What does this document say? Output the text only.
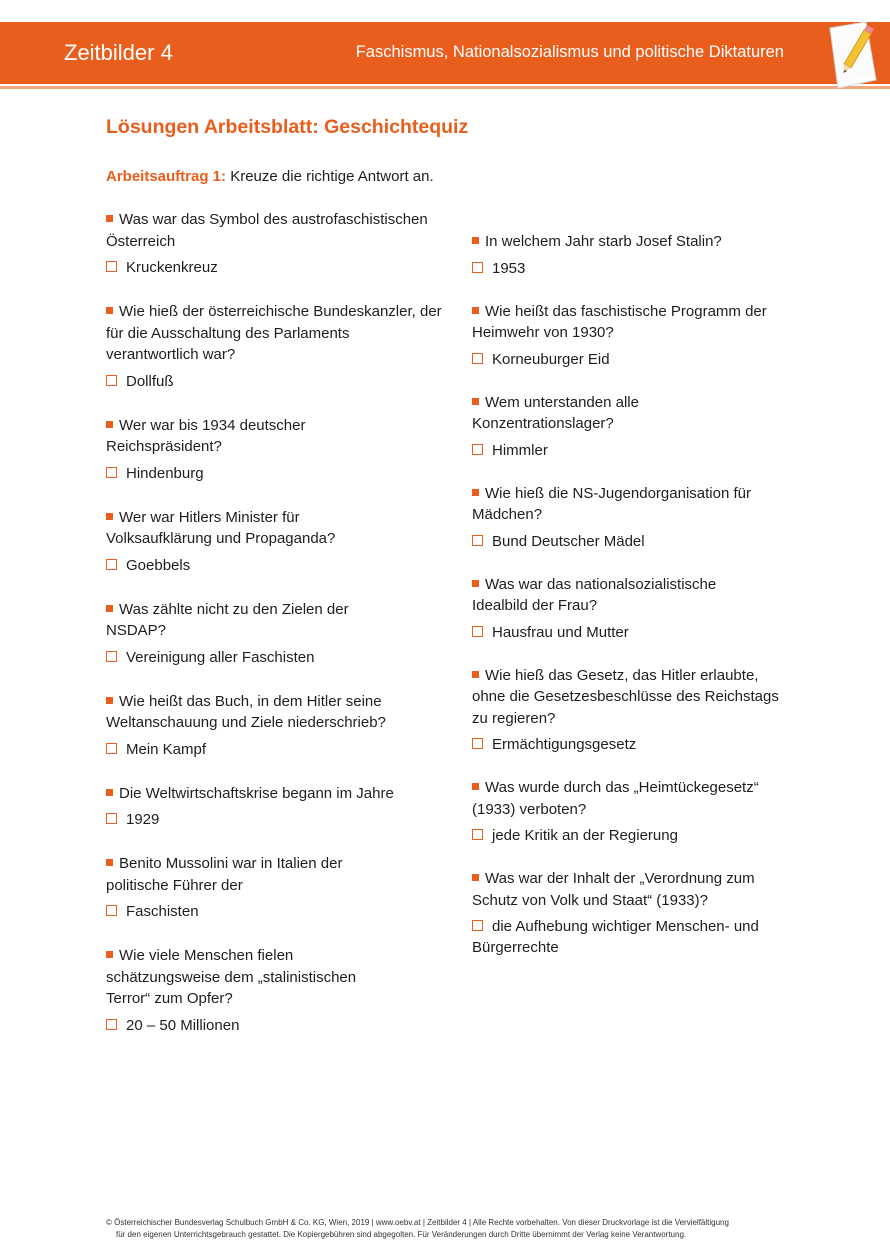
Zeitbilder 4	Faschismus, Nationalsozialismus und politische Diktaturen
Lösungen Arbeitsblatt: Geschichtequiz
Arbeitsauftrag 1: Kreuze die richtige Antwort an.
Was war das Symbol des austrofaschistischen Österreich
Kruckenkreuz
Wie hieß der österreichische Bundeskanzler, der für die Ausschaltung des Parlaments verantwortlich war?
Dollfuß
Wer war bis 1934 deutscher Reichspräsident?
Hindenburg
Wer war Hitlers Minister für Volksaufklärung und Propaganda?
Goebbels
Was zählte nicht zu den Zielen der NSDAP?
Vereinigung aller Faschisten
Wie heißt das Buch, in dem Hitler seine Weltanschauung und Ziele niederschrieb?
Mein Kampf
Die Weltwirtschaftskrise begann im Jahre
1929
Benito Mussolini war in Italien der politische Führer der
Faschisten
Wie viele Menschen fielen schätzungsweise dem „stalinistischen Terror“ zum Opfer?
20 – 50 Millionen
In welchem Jahr starb Josef Stalin?
1953
Wie heißt das faschistische Programm der Heimwehr von 1930?
Korneuburger Eid
Wem unterstanden alle Konzentrationslager?
Himmler
Wie hieß die NS-Jugendorganisation für Mädchen?
Bund Deutscher Mädel
Was war das nationalsozialistische Idealbild der Frau?
Hausfrau und Mutter
Wie hieß das Gesetz, das Hitler erlaubte, ohne die Gesetzesbeschlüsse des Reichstags zu regieren?
Ermächtigungsgesetz
Was wurde durch das „Heimtückegesetz“ (1933) verboten?
jede Kritik an der Regierung
Was war der Inhalt der „Verordnung zum Schutz von Volk und Staat“ (1933)?
die Aufhebung wichtiger Menschen- und Bürgerrechte
© Österreichischer Bundesverlag Schulbuch GmbH & Co. KG, Wien, 2019 | www.oebv.at | Zeitbilder 4 | Alle Rechte vorbehalten. Von dieser Druckvorlage ist die Vervielfältigung
für den eigenen Unterrichtsgebrauch gestattet. Die Kopiergebühren sind abgegolten. Für Veränderungen durch Dritte übernimmt der Verlag keine Verantwortung.
